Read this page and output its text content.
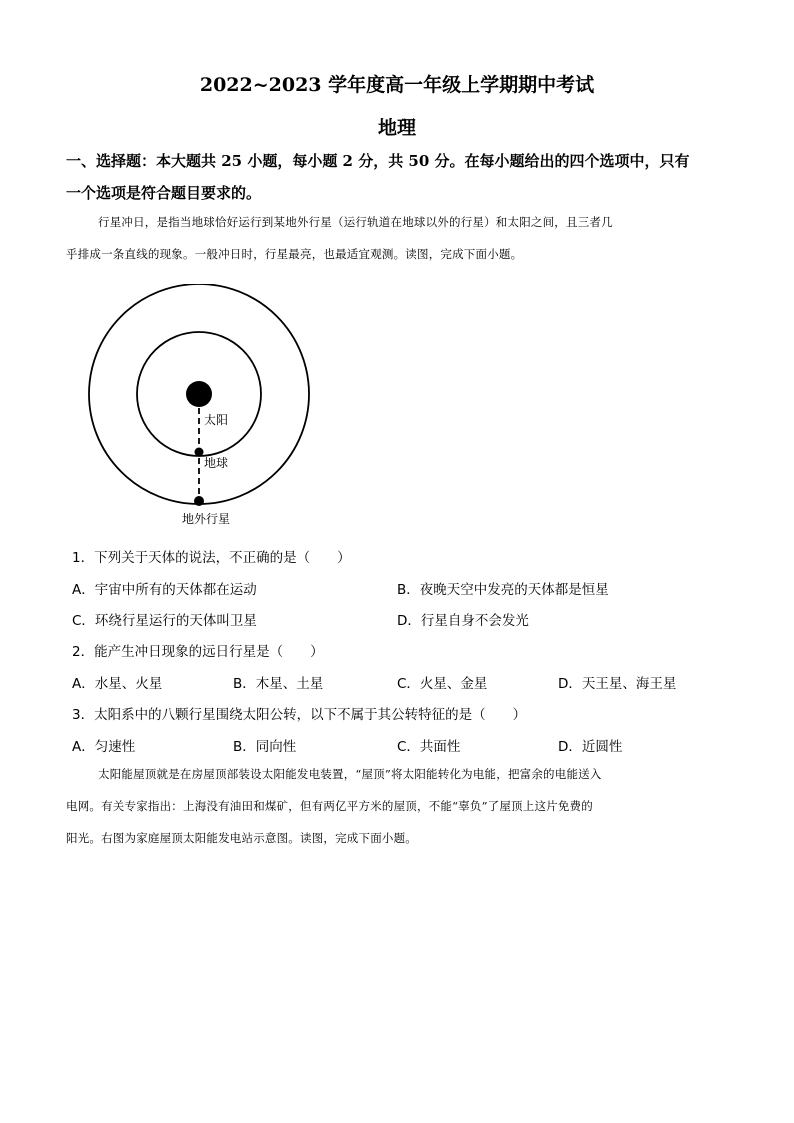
2022~2023 学年度高一年级上学期期中考试
地理
一、选择题：本大题共 25 小题，每小题 2 分，共 50 分。在每小题给出的四个选项中，只有
一个选项是符合题目要求的。
行星冲日，是指当地球恰好运行到某地外行星（运行轨道在地球以外的行星）和太阳之间，且三者几
乎排成一条直线的现象。一般冲日时，行星最亮，也最适宜观测。读图，完成下面小题。
太阳
地球
地外行星
1．下列关于天体的说法，不正确的是（　　）
A．宇宙中所有的天体都在运动	B．夜晚天空中发亮的天体都是恒星
C．环绕行星运行的天体叫卫星	D．行星自身不会发光
2．能产生冲日现象的远日行星是（　　）
A．水星、火星	B．木星、土星	C．火星、金星	D．天王星、海王星
3．太阳系中的八颗行星围绕太阳公转，以下不属于其公转特征的是（　　）
A．匀速性	B．同向性	C．共面性	D．近圆性
太阳能屋顶就是在房屋顶部装设太阳能发电装置，“屋顶”将太阳能转化为电能，把富余的电能送入
电网。有关专家指出：上海没有油田和煤矿，但有两亿平方米的屋顶，不能“辜负”了屋顶上这片免费的
阳光。右图为家庭屋顶太阳能发电站示意图。读图，完成下面小题。
